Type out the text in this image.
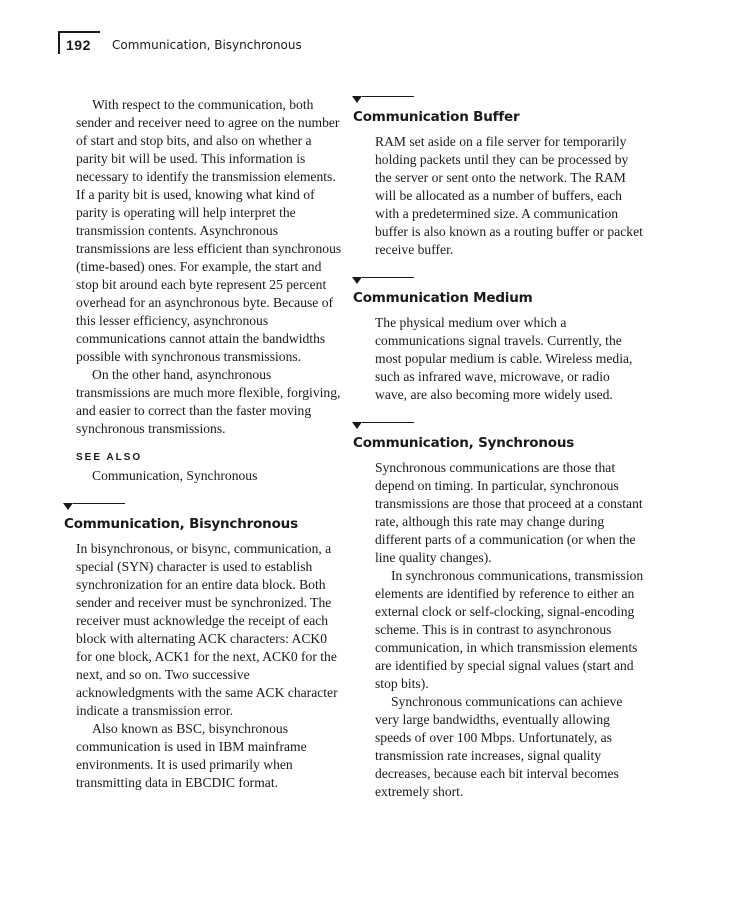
192 Communication, Bisynchronous

With respect to the communication, both sender and receiver need to agree on the number of start and stop bits, and also on whether a parity bit will be used. This information is necessary to identify the transmission elements. If a parity bit is used, knowing what kind of parity is operating will help interpret the transmission contents. Asynchronous transmissions are less efficient than synchronous (time-based) ones. For example, the start and stop bit around each byte represent 25 percent overhead for an asynchronous byte. Because of this lesser efficiency, asynchronous communications cannot attain the bandwidths possible with synchronous transmissions.

On the other hand, asynchronous transmissions are much more flexible, forgiving, and easier to correct than the faster moving synchronous transmissions.

SEE ALSO
Communication, Synchronous
Communication, Bisynchronous

In bisynchronous, or bisync, communication, a special (SYN) character is used to establish synchronization for an entire data block. Both sender and receiver must be synchronized. The receiver must acknowledge the receipt of each block with alternating ACK characters: ACK0 for one block, ACK1 for the next, ACK0 for the next, and so on. Two successive acknowledgments with the same ACK character indicate a transmission error.

Also known as BSC, bisynchronous communication is used in IBM mainframe environments. It is used primarily when transmitting data in EBCDIC format.

Communication Buffer

RAM set aside on a file server for temporarily holding packets until they can be processed by the server or sent onto the network. The RAM will be allocated as a number of buffers, each with a predetermined size. A communication buffer is also known as a routing buffer or packet receive buffer.

Communication Medium

The physical medium over which a communications signal travels. Currently, the most popular medium is cable. Wireless media, such as infrared wave, microwave, or radio wave, are also becoming more widely used.

Communication, Synchronous

Synchronous communications are those that depend on timing. In particular, synchronous transmissions are those that proceed at a constant rate, although this rate may change during different parts of a communication (or when the line quality changes).

In synchronous communications, transmission elements are identified by reference to either an external clock or self-clocking, signal-encoding scheme. This is in contrast to asynchronous communication, in which transmission elements are identified by special signal values (start and stop bits).

Synchronous communications can achieve very large bandwidths, eventually allowing speeds of over 100 Mbps. Unfortunately, as transmission rate increases, signal quality decreases, because each bit interval becomes extremely short.
